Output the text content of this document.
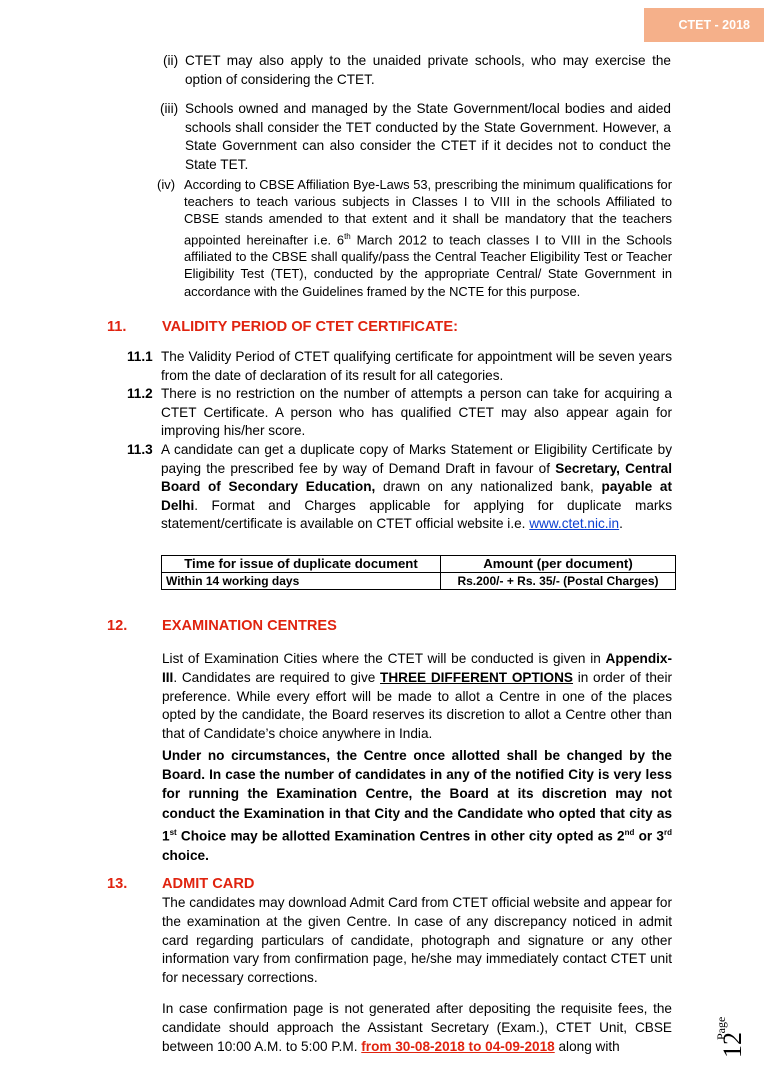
CTET - 2018
(ii) CTET may also apply to the unaided private schools, who may exercise the option of considering the CTET.
(iii) Schools owned and managed by the State Government/local bodies and aided schools shall consider the TET conducted by the State Government. However, a State Government can also consider the CTET if it decides not to conduct the State TET.
(iv) According to CBSE Affiliation Bye-Laws 53, prescribing the minimum qualifications for teachers to teach various subjects in Classes I to VIII in the schools Affiliated to CBSE stands amended to that extent and it shall be mandatory that the teachers appointed hereinafter i.e. 6th March 2012 to teach classes I to VIII in the Schools affiliated to the CBSE shall qualify/pass the Central Teacher Eligibility Test or Teacher Eligibility Test (TET), conducted by the appropriate Central/ State Government in accordance with the Guidelines framed by the NCTE for this purpose.
11. VALIDITY PERIOD OF CTET CERTIFICATE:
11.1 The Validity Period of CTET qualifying certificate for appointment will be seven years from the date of declaration of its result for all categories.
11.2 There is no restriction on the number of attempts a person can take for acquiring a CTET Certificate. A person who has qualified CTET may also appear again for improving his/her score.
11.3 A candidate can get a duplicate copy of Marks Statement or Eligibility Certificate by paying the prescribed fee by way of Demand Draft in favour of Secretary, Central Board of Secondary Education, drawn on any nationalized bank, payable at Delhi. Format and Charges applicable for applying for duplicate marks statement/certificate is available on CTET official website i.e. www.ctet.nic.in.
Time for issue of duplicate document	Amount (per document)
Within 14 working days	Rs.200/- + Rs. 35/- (Postal Charges)
12. EXAMINATION CENTRES
List of Examination Cities where the CTET will be conducted is given in Appendix-III. Candidates are required to give THREE DIFFERENT OPTIONS in order of their preference. While every effort will be made to allot a Centre in one of the places opted by the candidate, the Board reserves its discretion to allot a Centre other than that of Candidate’s choice anywhere in India.
Under no circumstances, the Centre once allotted shall be changed by the Board. In case the number of candidates in any of the notified City is very less for running the Examination Centre, the Board at its discretion may not conduct the Examination in that City and the Candidate who opted that city as 1st Choice may be allotted Examination Centres in other city opted as 2nd or 3rd choice.
13. ADMIT CARD
The candidates may download Admit Card from CTET official website and appear for the examination at the given Centre. In case of any discrepancy noticed in admit card regarding particulars of candidate, photograph and signature or any other information vary from confirmation page, he/she may immediately contact CTET unit for necessary corrections.
In case confirmation page is not generated after depositing the requisite fees, the candidate should approach the Assistant Secretary (Exam.), CTET Unit, CBSE between 10:00 A.M. to 5:00 P.M. from 30-08-2018 to 04-09-2018 along with
Page
12
